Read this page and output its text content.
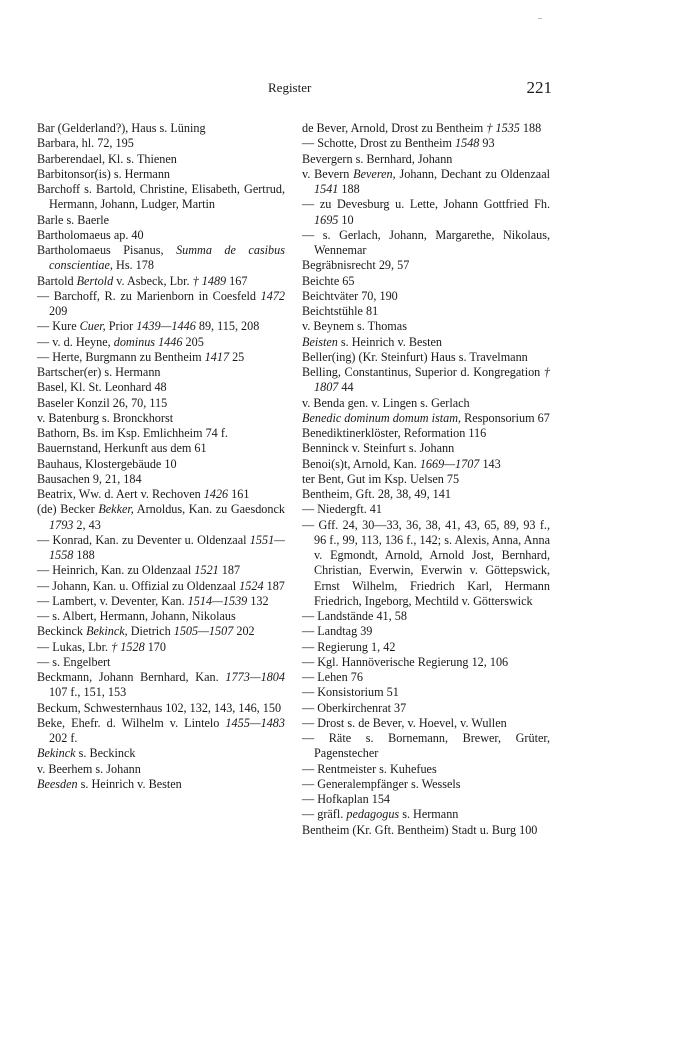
Register	221
Bar (Gelderland?), Haus s. Lüning
Barbara, hl. 72, 195
Barberendael, Kl. s. Thienen
Barbitonsor(is) s. Hermann
Barchoff s. Bartold, Christine, Elisabeth, Gertrud, Hermann, Johann, Ludger, Martin
Barle s. Baerle
Bartholomaeus ap. 40
Bartholomaeus Pisanus, Summa de casibus conscientiae, Hs. 178
Bartold Bertold v. Asbeck, Lbr. † 1489 167
— Barchoff, R. zu Marienborn in Coesfeld 1472 209
— Kure Cuer, Prior 1439—1446 89, 115, 208
— v. d. Heyne, dominus 1446 205
— Herte, Burgmann zu Bentheim 1417 25
Bartscher(er) s. Hermann
Basel, Kl. St. Leonhard 48
Baseler Konzil 26, 70, 115
v. Batenburg s. Bronckhorst
Bathorn, Bs. im Ksp. Emlichheim 74 f.
Bauernstand, Herkunft aus dem 61
Bauhaus, Klostergebäude 10
Bausachen 9, 21, 184
Beatrix, Ww. d. Aert v. Rechoven 1426 161
(de) Becker Bekker, Arnoldus, Kan. zu Gaesdonck 1793 2, 43
— Konrad, Kan. zu Deventer u. Oldenzaal 1551—1558 188
— Heinrich, Kan. zu Oldenzaal 1521 187
— Johann, Kan. u. Offizial zu Oldenzaal 1524 187
— Lambert, v. Deventer, Kan. 1514—1539 132
— s. Albert, Hermann, Johann, Nikolaus
Beckinck Bekinck, Dietrich 1505—1507 202
— Lukas, Lbr. † 1528 170
— s. Engelbert
Beckmann, Johann Bernhard, Kan. 1773—1804 107 f., 151, 153
Beckum, Schwesternhaus 102, 132, 143, 146, 150
Beke, Ehefr. d. Wilhelm v. Lintelo 1455—1483 202 f.
Bekinck s. Beckinck
v. Beerhem s. Johann
Beesden s. Heinrich v. Besten
de Bever, Arnold, Drost zu Bentheim † 1535 188
— Schotte, Drost zu Bentheim 1548 93
Bevergern s. Bernhard, Johann
v. Bevern Beveren, Johann, Dechant zu Oldenzaal 1541 188
— zu Devesburg u. Lette, Johann Gottfried Fh. 1695 10
— s. Gerlach, Johann, Margarethe, Nikolaus, Wennemar
Begräbnisrecht 29, 57
Beichte 65
Beichtväter 70, 190
Beichtstühle 81
v. Beynem s. Thomas
Beisten s. Heinrich v. Besten
Beller(ing) (Kr. Steinfurt) Haus s. Travelmann
Belling, Constantinus, Superior d. Kongregation † 1807 44
v. Benda gen. v. Lingen s. Gerlach
Benedic dominum domum istam, Responsorium 67
Benediktinerklöster, Reformation 116
Benninck v. Steinfurt s. Johann
Benoi(s)t, Arnold, Kan. 1669—1707 143
ter Bent, Gut im Ksp. Uelsen 75
Bentheim, Gft. 28, 38, 49, 141
— Niedergft. 41
— Gff. 24, 30—33, 36, 38, 41, 43, 65, 89, 93 f., 96 f., 99, 113, 136 f., 142; s. Alexis, Anna, Anna v. Egmondt, Arnold, Arnold Jost, Bernhard, Christian, Everwin, Everwin v. Göttерswick, Ernst Wilhelm, Friedrich Karl, Hermann Friedrich, Ingeborg, Mechtild v. Götterswick
— Landstände 41, 58
— Landtag 39
— Regierung 1, 42
— Kgl. Hannöverische Regierung 12, 106
— Lehen 76
— Konsistorium 51
— Oberkirchenrat 37
— Drost s. de Bever, v. Hoevel, v. Wullen
— Räte s. Bornemann, Brewer, Grüter, Pagenstecher
— Rentmeister s. Kuhefues
— Generalempfänger s. Wessels
— Hofkaplan 154
— gräfl. pedagogus s. Hermann
Bentheim (Kr. Gft. Bentheim) Stadt u. Burg 100
